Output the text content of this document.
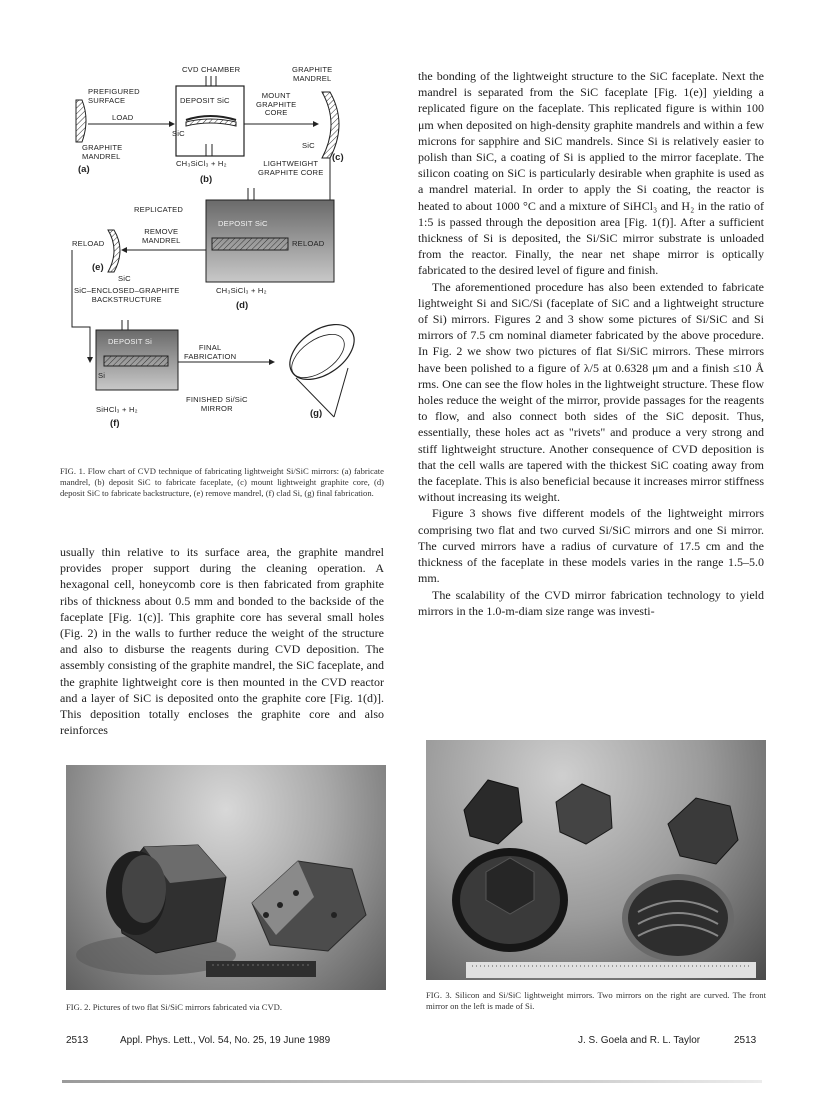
CVD CHAMBER	GRAPHITE
MANDREL
PREFIGURED
SURFACE
LOAD
GRAPHITE
MANDREL
DEPOSIT SiC
SiC
CH₃SiCl₃ + H₂
MOUNT
GRAPHITE
CORE
SiC
LIGHTWEIGHT
GRAPHITE CORE
REPLICATED
REMOVE
MANDREL
RELOAD	RELOAD
DEPOSIT SiC
SiC
SiC–ENCLOSED–GRAPHITE
BACKSTRUCTURE
CH₃SiCl₃ + H₂
DEPOSIT Si
Si
SiHCl₃ + H₂
FINAL
FABRICATION
FINISHED Si/SiC
MIRROR
(a)
(b)
(c)
(d)
(e)
(f)
(g)
FIG. 1. Flow chart of CVD technique of fabricating lightweight Si/SiC mirrors: (a) fabricate mandrel, (b) deposit SiC to fabricate faceplate, (c) mount lightweight graphite core, (d) deposit SiC to fabricate backstructure, (e) remove mandrel, (f) clad Si, (g) final fabrication.

usually thin relative to its surface area, the graphite mandrel provides proper support during the cleaning operation. A hexagonal cell, honeycomb core is then fabricated from graphite ribs of thickness about 0.5 mm and bonded to the backside of the faceplate [Fig. 1(c)]. This graphite core has several small holes (Fig. 2) in the walls to further reduce the weight of the structure and also to disburse the reagents during CVD deposition. The assembly consisting of the graphite mandrel, the SiC faceplate, and the graphite lightweight core is then mounted in the CVD reactor and a layer of SiC is deposited onto the graphite core [Fig. 1(d)]. This deposition totally encloses the graphite core and also reinforces

the bonding of the lightweight structure to the SiC faceplate. Next the mandrel is separated from the SiC faceplate [Fig. 1(e)] yielding a replicated figure on the faceplate. This replicated figure is within 100 μm when deposited on high-density graphite mandrels and within a few microns for sapphire and SiC mandrels. Since Si is relatively easier to polish than SiC, a coating of Si is applied to the mirror faceplate. The silicon coating on SiC is particularly desirable when graphite is used as a mandrel material. In order to apply the Si coating, the reactor is heated to about 1000 °C and a mixture of SiHCl₃ and H₂ in the ratio of 1:5 is passed through the deposition area [Fig. 1(f)]. After a sufficient thickness of Si is deposited, the Si/SiC mirror substrate is unloaded from the reactor. Finally, the near net shape mirror is optically fabricated to the desired level of figure and finish.

The aforementioned procedure has also been extended to fabricate lightweight Si and SiC/Si (faceplate of SiC and a lightweight structure of Si) mirrors. Figures 2 and 3 show some pictures of Si/SiC and Si mirrors of 7.5 cm nominal diameter fabricated by the above procedure. In Fig. 2 we show two pictures of flat Si/SiC mirrors. These mirrors have been polished to a figure of λ/5 at 0.6328 μm and a finish ≤10 Å rms. One can see the flow holes in the lightweight structure. These flow holes reduce the weight of the mirror, provide passages for the reagents to flow, and also connect both sides of the SiC deposit. Thus, essentially, these holes act as "rivets" and produce a very strong and stiff lightweight structure. Another consequence of CVD deposition is that the cell walls are tapered with the thickest SiC coating away from the faceplate. This is also beneficial because it increases mirror stiffness without increasing its weight.

Figure 3 shows five different models of the lightweight mirrors comprising two flat and two curved Si/SiC mirrors and one Si mirror. The curved mirrors have a radius of curvature of 17.5 cm and the thickness of the faceplate in these models varies in the range 1.5–5.0 mm.

The scalability of the CVD mirror fabrication technology to yield mirrors in the 1.0-m-diam size range was investi-

FIG. 2. Pictures of two flat Si/SiC mirrors fabricated via CVD.
FIG. 3. Silicon and Si/SiC lightweight mirrors. Two mirrors on the right are curved. The front mirror on the left is made of Si.
2513	Appl. Phys. Lett., Vol. 54, No. 25, 19 June 1989	J. S. Goela and R. L. Taylor	2513
